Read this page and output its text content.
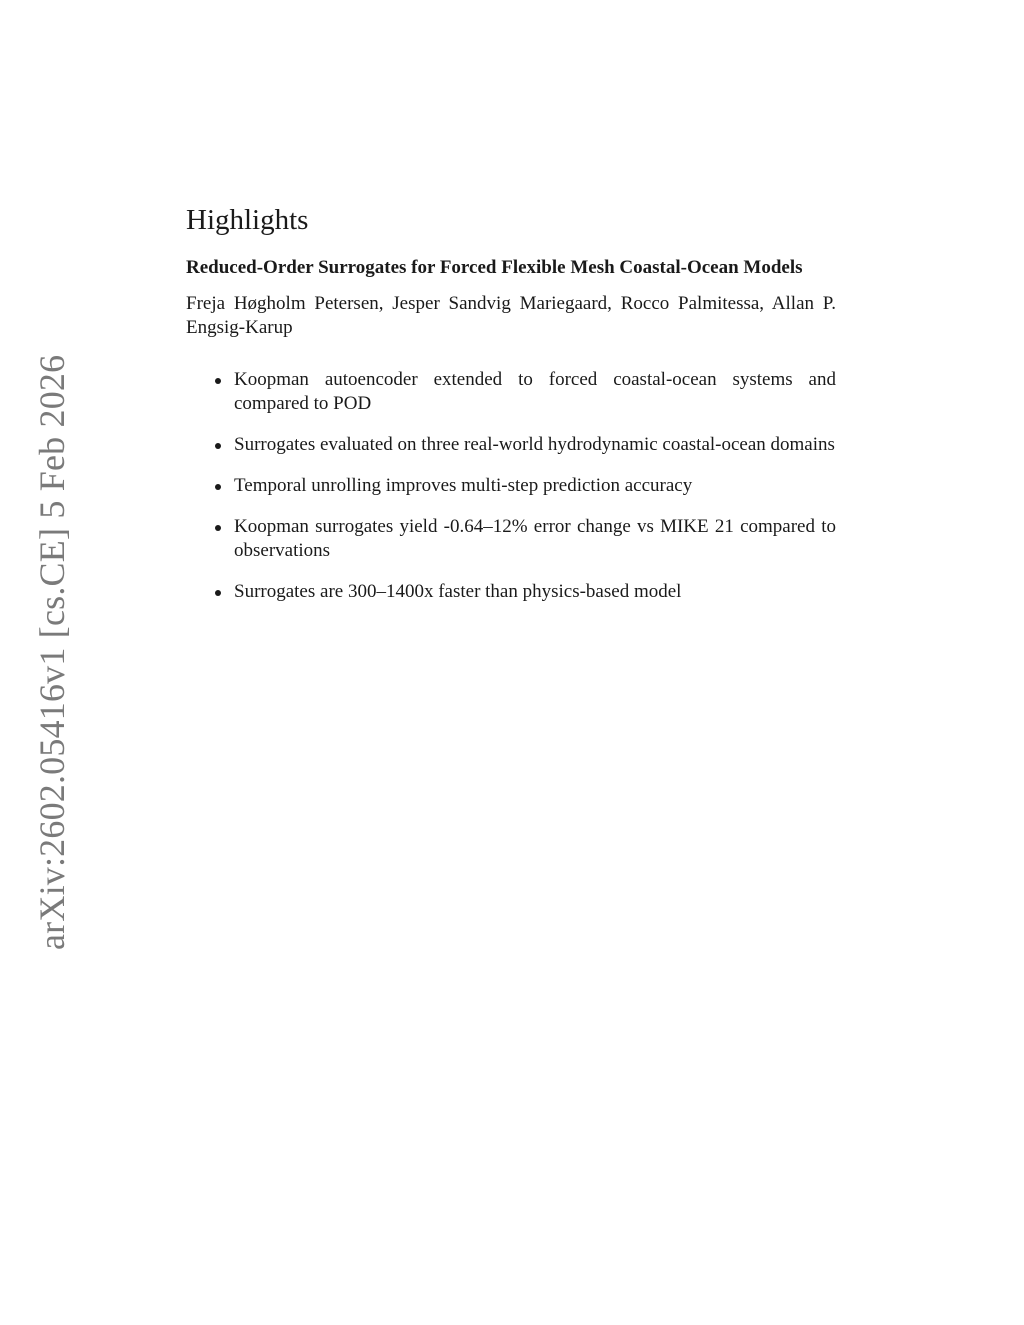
arXiv:2602.05416v1 [cs.CE] 5 Feb 2026
Highlights
Reduced-Order Surrogates for Forced Flexible Mesh Coastal-Ocean Models
Freja Høgholm Petersen, Jesper Sandvig Mariegaard, Rocco Palmitessa, Allan P. Engsig-Karup
Koopman autoencoder extended to forced coastal-ocean systems and compared to POD
Surrogates evaluated on three real-world hydrodynamic coastal-ocean domains
Temporal unrolling improves multi-step prediction accuracy
Koopman surrogates yield -0.64–12% error change vs MIKE 21 compared to observations
Surrogates are 300–1400x faster than physics-based model
